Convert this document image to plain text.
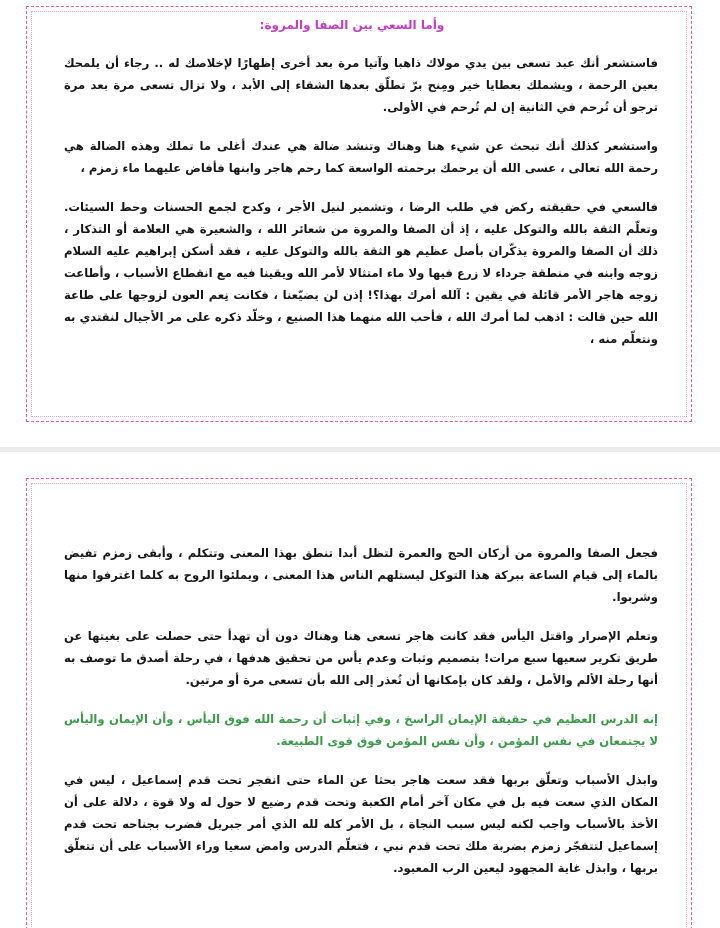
وأما السعي بين الصفا والمروة:

فاستشعر أنك عبد تسعى بين يدي مولاك ذاهبا وآتيا مرة بعد أخرى إظهارًا لإخلاصك له .. رجاء أن يلمحك بعين الرحمة ، ويشملك بعطايا خير ومِنح برّ تطلّق بعدها الشقاء إلى الأبد ، ولا تزال تسعى مرة بعد مرة ترجو أن تُرحم في الثانية إن لم تُرحم في الأولى.

واستشعر كذلك أنك تبحث عن شيء هنا وهناك وتنشد ضالة هي عندك أغلى ما تملك وهذه الضالة هي رحمة الله تعالى ، عسى الله أن يرحمك برحمته الواسعة كما رحم هاجر وابنها فأفاض عليهما ماء زمزم ،

فالسعي في حقيقته ركض في طلب الرضا ، وتشمير لنيل الأجر ، وكدح لجمع الحسنات وحط السيئات. وتعلّم الثقة بالله والتوكل عليه ، إذ أن الصفا والمروة من شعائر الله ، والشعيرة هي العلامة أو التذكار ، ذلك أن الصفا والمروة يذكّران بأصل عظيم هو الثقة بالله والتوكل عليه ، فقد أسكن إبراهيم عليه السلام زوجه وابنه في منطقة جرداء لا زرع فيها ولا ماء امتثالا لأمر الله ويقينا فيه مع انقطاع الأسباب ، وأطاعت زوجه هاجر الأمر قائلة في يقين : آلله أمرك بهذا؟! إذن لن يضيّعنا ، فكانت نِعم العون لزوجها على طاعة الله حين قالت : اذهب لما أمرك الله ، فأحب الله منهما هذا الصنيع ، وخلّد ذكره على مر الأجيال لنقتدي به ونتعلّم منه ،

فجعل الصفا والمروة من أركان الحج والعمرة لتظل أبدا تنطق بهذا المعنى وتتكلم ، وأبقى زمزم تفيض بالماء إلى قيام الساعة ببركة هذا التوكل ليستلهم الناس هذا المعنى ، ويملئوا الروح به كلما اغترفوا منها وشربوا.

وتعلم الإصرار واقتل اليأس فقد كانت هاجر تسعى هنا وهناك دون أن تهدأ حتى حصلت على بغيتها عن طريق تكرير سعيها سبع مرات! بتصميم وثبات وعدم يأس من تحقيق هدفها ، في رحلة أصدق ما توصف به أنها رحلة الألم والأمل ، ولقد كان بإمكانها أن تُعذر إلى الله بأن تسعى مرة أو مرتين.

إنه الدرس العظيم في حقيقة الإيمان الراسخ ، وفي إثبات أن رحمة الله فوق اليأس ، وأن الإيمان واليأس لا يجتمعان في نفس المؤمن ، وأن نفس المؤمن فوق قوى الطبيعة.

وابذل الأسباب وتعلّق بربها فقد سعت هاجر بحثا عن الماء حتى انفجر تحت قدم إسماعيل ، ليس في المكان الذي سعت فيه بل في مكان آخر أمام الكعبة وتحت قدم رضيع لا حول له ولا قوة ، دلالة على أن الأخذ بالأسباب واجب لكنه ليس سبب النجاة ، بل الأمر كله لله الذي أمر جبريل فضرب بجناحه تحت قدم إسماعيل لتتفجّر زمزم بضربة ملك تحت قدم نبي ، فتعلّم الدرس وامض سعيا وراء الأسباب على أن تتعلّق بربها ، وابذل غاية المجهود ليعين الرب المعبود.
